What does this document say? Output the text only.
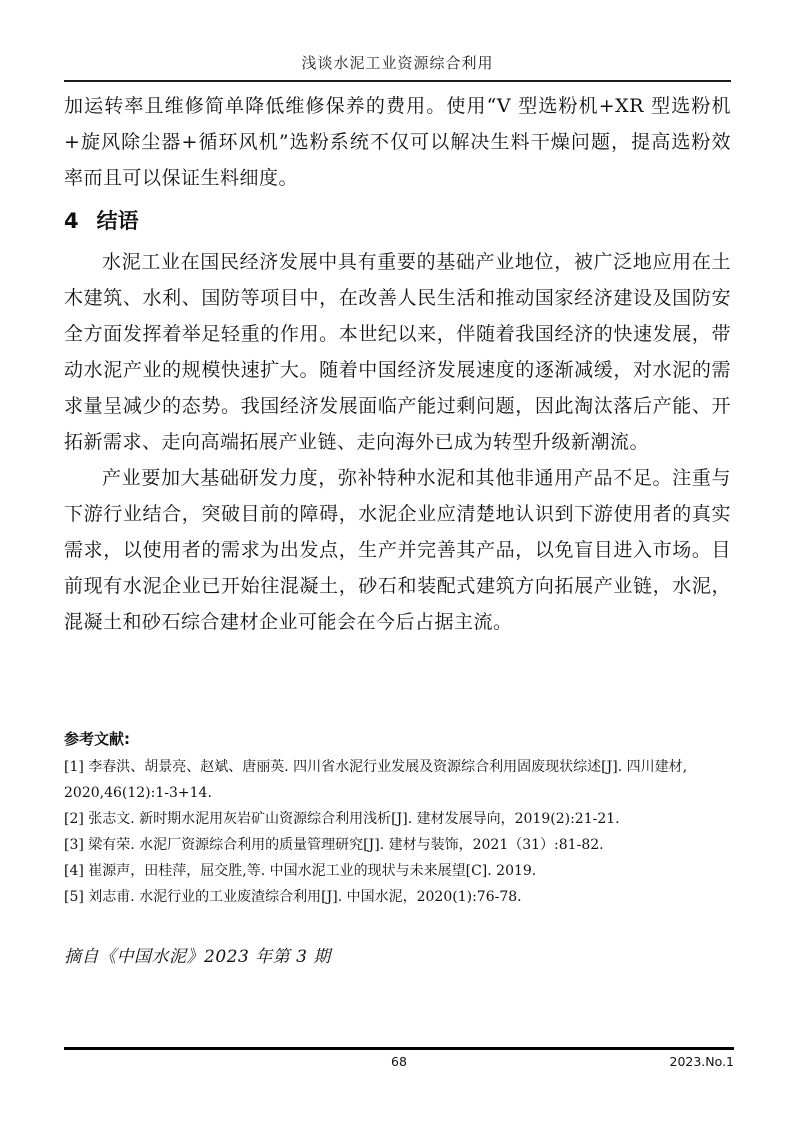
浅谈水泥工业资源综合利用

加运转率且维修简单降低维修保养的费用。使用“V 型选粉机+XR 型选粉机+旋风除尘器+循环风机”选粉系统不仅可以解决生料干燥问题，提高选粉效率而且可以保证生料细度。

4 结语

水泥工业在国民经济发展中具有重要的基础产业地位，被广泛地应用在土木建筑、水利、国防等项目中，在改善人民生活和推动国家经济建设及国防安全方面发挥着举足轻重的作用。本世纪以来，伴随着我国经济的快速发展，带动水泥产业的规模快速扩大。随着中国经济发展速度的逐渐减缓，对水泥的需求量呈减少的态势。我国经济发展面临产能过剩问题，因此淘汰落后产能、开拓新需求、走向高端拓展产业链、走向海外已成为转型升级新潮流。

产业要加大基础研发力度，弥补特种水泥和其他非通用产品不足。注重与下游行业结合，突破目前的障碍，水泥企业应清楚地认识到下游使用者的真实需求，以使用者的需求为出发点，生产并完善其产品，以免盲目进入市场。目前现有水泥企业已开始往混凝土，砂石和装配式建筑方向拓展产业链，水泥，混凝土和砂石综合建材企业可能会在今后占据主流。

参考文献:

[1] 李春洪、胡景亮、赵斌、唐丽英. 四川省水泥行业发展及资源综合利用固废现状综述[J]. 四川建材, 2020,46(12):1-3+14.

[2] 张志文. 新时期水泥用灰岩矿山资源综合利用浅析[J]. 建材发展导向，2019(2):21-21.

[3] 梁有荣. 水泥厂资源综合利用的质量管理研究[J]. 建材与装饰，2021（31）:81-82.

[4] 崔源声，田桂萍，屈交胜,等. 中国水泥工业的现状与未来展望[C]. 2019.

[5] 刘志甫. 水泥行业的工业废渣综合利用[J]. 中国水泥，2020(1):76-78.

摘自《中国水泥》2023 年第 3 期
68	2023.No.1
